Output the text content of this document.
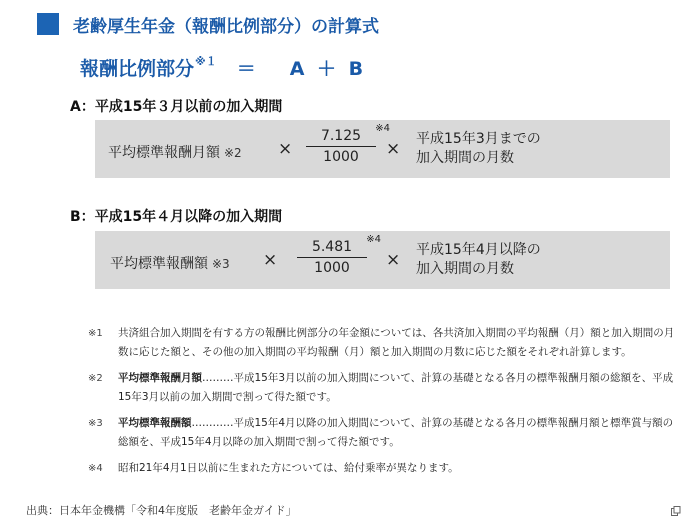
老齢厚生年金（報酬比例部分）の計算式
報酬比例部分$^{※1}$ ＝ A ＋ B
A：平成15年３月以前の加入期間
平均標準報酬月額 ※2 × $\frac{7.125 ※4}{1000}$ × 平成15年3月までの
加入期間の月数
B：平成15年４月以降の加入期間
平均標準報酬額 ※3 × $\frac{5.481 ※4}{1000}$ × 平成15年4月以降の
加入期間の月数
※1 共済組合加入期間を有する方の報酬比例部分の年金額については、各共済加入期間の平均報酬（月）額と加入期間の月数に応じた額と、その他の加入期間の平均報酬（月）額と加入期間の月数に応じた額をそれぞれ計算します。
※2 平均標準報酬月額………平成15年3月以前の加入期間について、計算の基礎となる各月の標準報酬月額の総額を、平成15年3月以前の加入期間で割って得た額です。
※3 平均標準報酬額…………平成15年4月以降の加入期間について、計算の基礎となる各月の標準報酬月額と標準賞与額の総額を、平成15年4月以降の加入期間で割って得た額です。
※4 昭和21年4月1日以前に生まれた方については、給付乗率が異なります。
出典：日本年金機構「令和4年度版　老齢年金ガイド」
